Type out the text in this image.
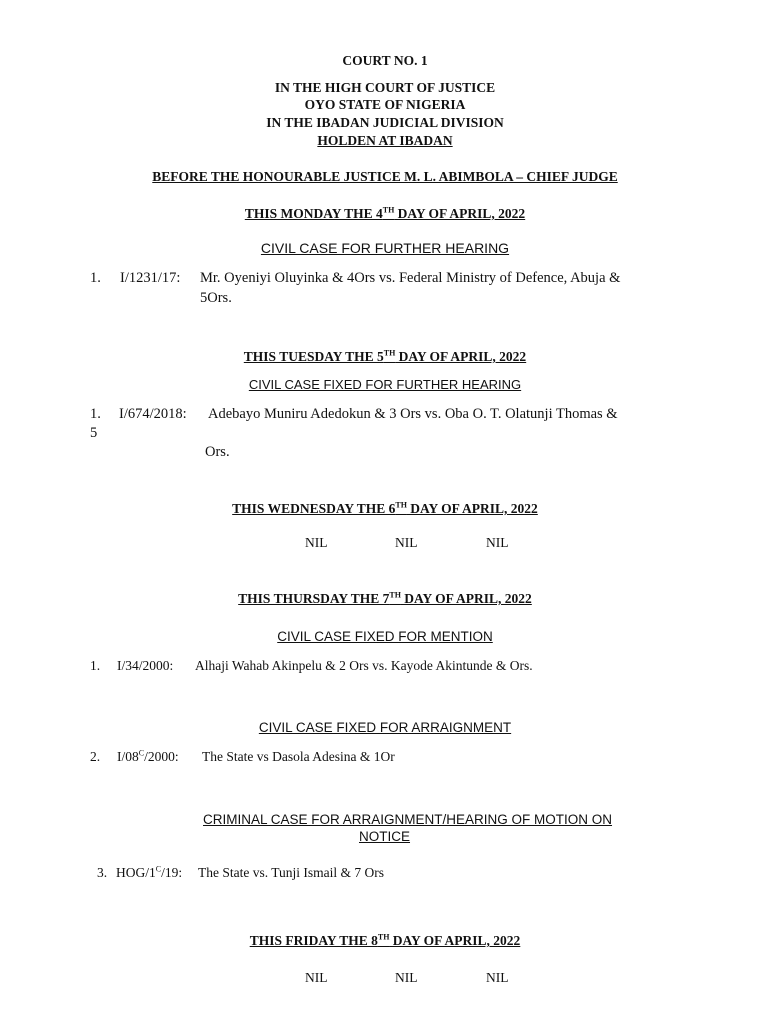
COURT NO. 1
IN THE HIGH COURT OF JUSTICE
OYO STATE OF NIGERIA
IN THE IBADAN JUDICIAL DIVISION
HOLDEN AT IBADAN
BEFORE THE HONOURABLE JUSTICE M. L. ABIMBOLA – CHIEF JUDGE
THIS MONDAY THE 4TH DAY OF APRIL, 2022
CIVIL CASE FOR FURTHER HEARING
1. I/1231/17: Mr. Oyeniyi Oluyinka & 4Ors vs. Federal Ministry of Defence, Abuja &
5Ors.
THIS TUESDAY THE 5TH DAY OF APRIL, 2022
CIVIL CASE FIXED FOR FURTHER HEARING
1. I/674/2018: Adebayo Muniru Adedokun & 3 Ors vs. Oba O. T. Olatunji Thomas &
5
Ors.
THIS WEDNESDAY THE 6TH DAY OF APRIL, 2022
NIL	NIL	NIL
THIS THURSDAY THE 7TH DAY OF APRIL, 2022
CIVIL CASE FIXED FOR MENTION
1. I/34/2000: Alhaji Wahab Akinpelu & 2 Ors vs. Kayode Akintunde & Ors.
CIVIL CASE FIXED FOR ARRAIGNMENT
2. $I/08^C/2000$: The State vs Dasola Adesina & 1Or
CRIMINAL CASE FOR ARRAIGNMENT/HEARING OF MOTION ON
NOTICE
3. HOG/$1^C/19$: The State vs. Tunji Ismail & 7 Ors
THIS FRIDAY THE 8TH DAY OF APRIL, 2022
NIL	NIL	NIL
